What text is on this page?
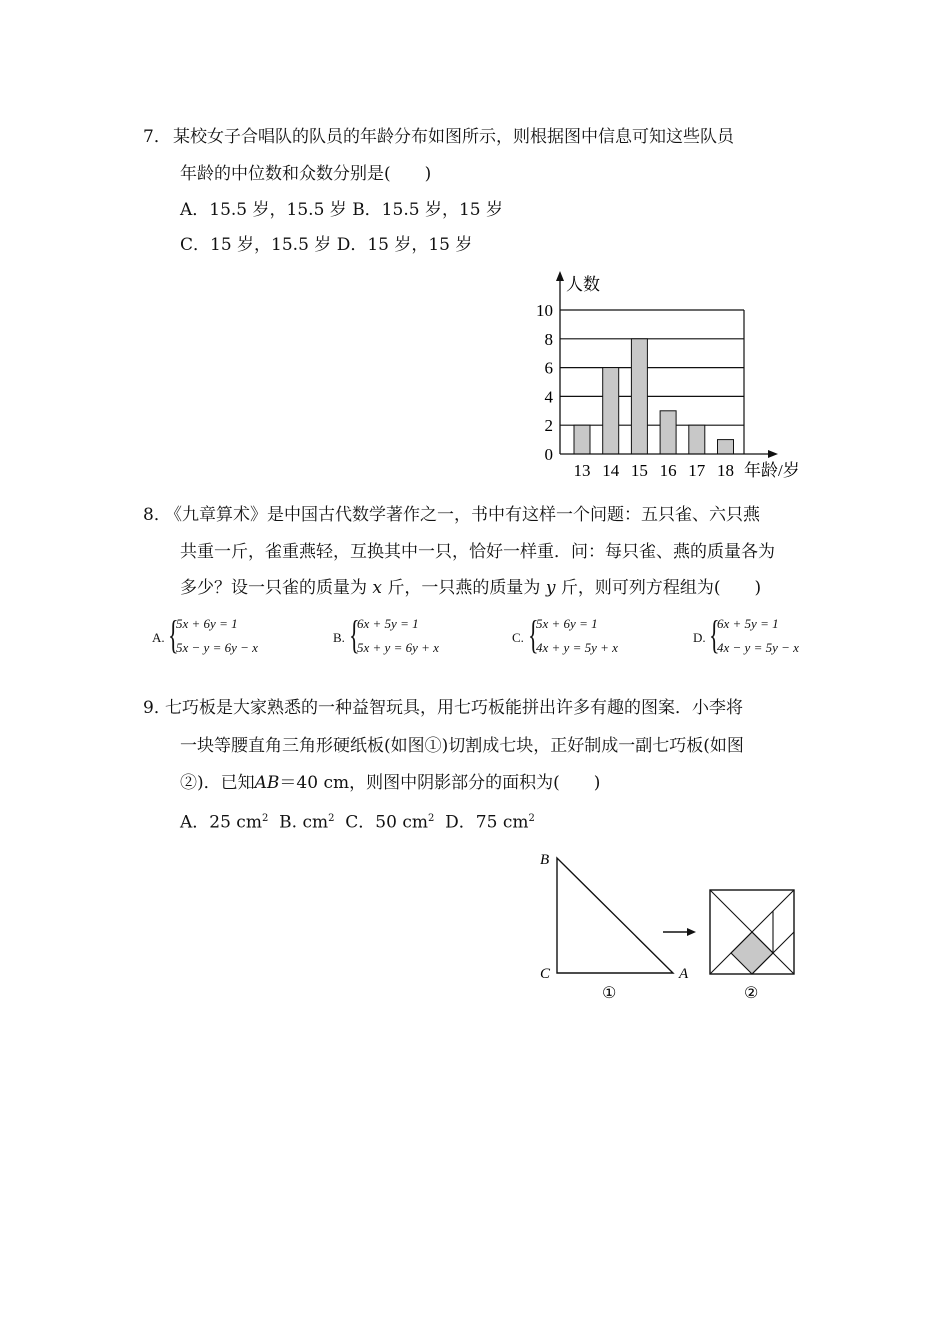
7． 某校女子合唱队的队员的年龄分布如图所示，则根据图中信息可知这些队员
年龄的中位数和众数分别是(　　)
A．15.5 岁，15.5 岁 B．15.5 岁，15 岁
C．15 岁，15.5 岁 D．15 岁，15 岁
0
2
4
6
8
10
13 14 15 16 17 18
人数
年龄/岁
8．
《九章算术》是中国古代数学著作之一，书中有这样一个问题：五只雀、六只燕
共重一斤，雀重燕轻，互换其中一只，恰好一样重．问：每只雀、燕的质量各为
多少？设一只雀的质量为 x 斤，一只燕的质量为 y 斤，则可列方程组为(　　)
A. {
5x + 6y = 1
5x − y = 6y − x
B. {
6x + 5y = 1
5x + y = 6y + x
C. {
5x + 6y = 1
4x + y = 5y + x
D. {
6x + 5y = 1
4x − y = 5y − x
9．
七巧板是大家熟悉的一种益智玩具，用七巧板能拼出许多有趣的图案．小李将
一块等腰直角三角形硬纸板(如图①)切割成七块，正好制成一副七巧板(如图
②)．已知AB＝40 cm，则图中阴影部分的面积为(　　)
A．25 $cm^2$ B. $cm^2$ C．50 $cm^2$ D．75 $cm^2$
B
C	A
①	②
